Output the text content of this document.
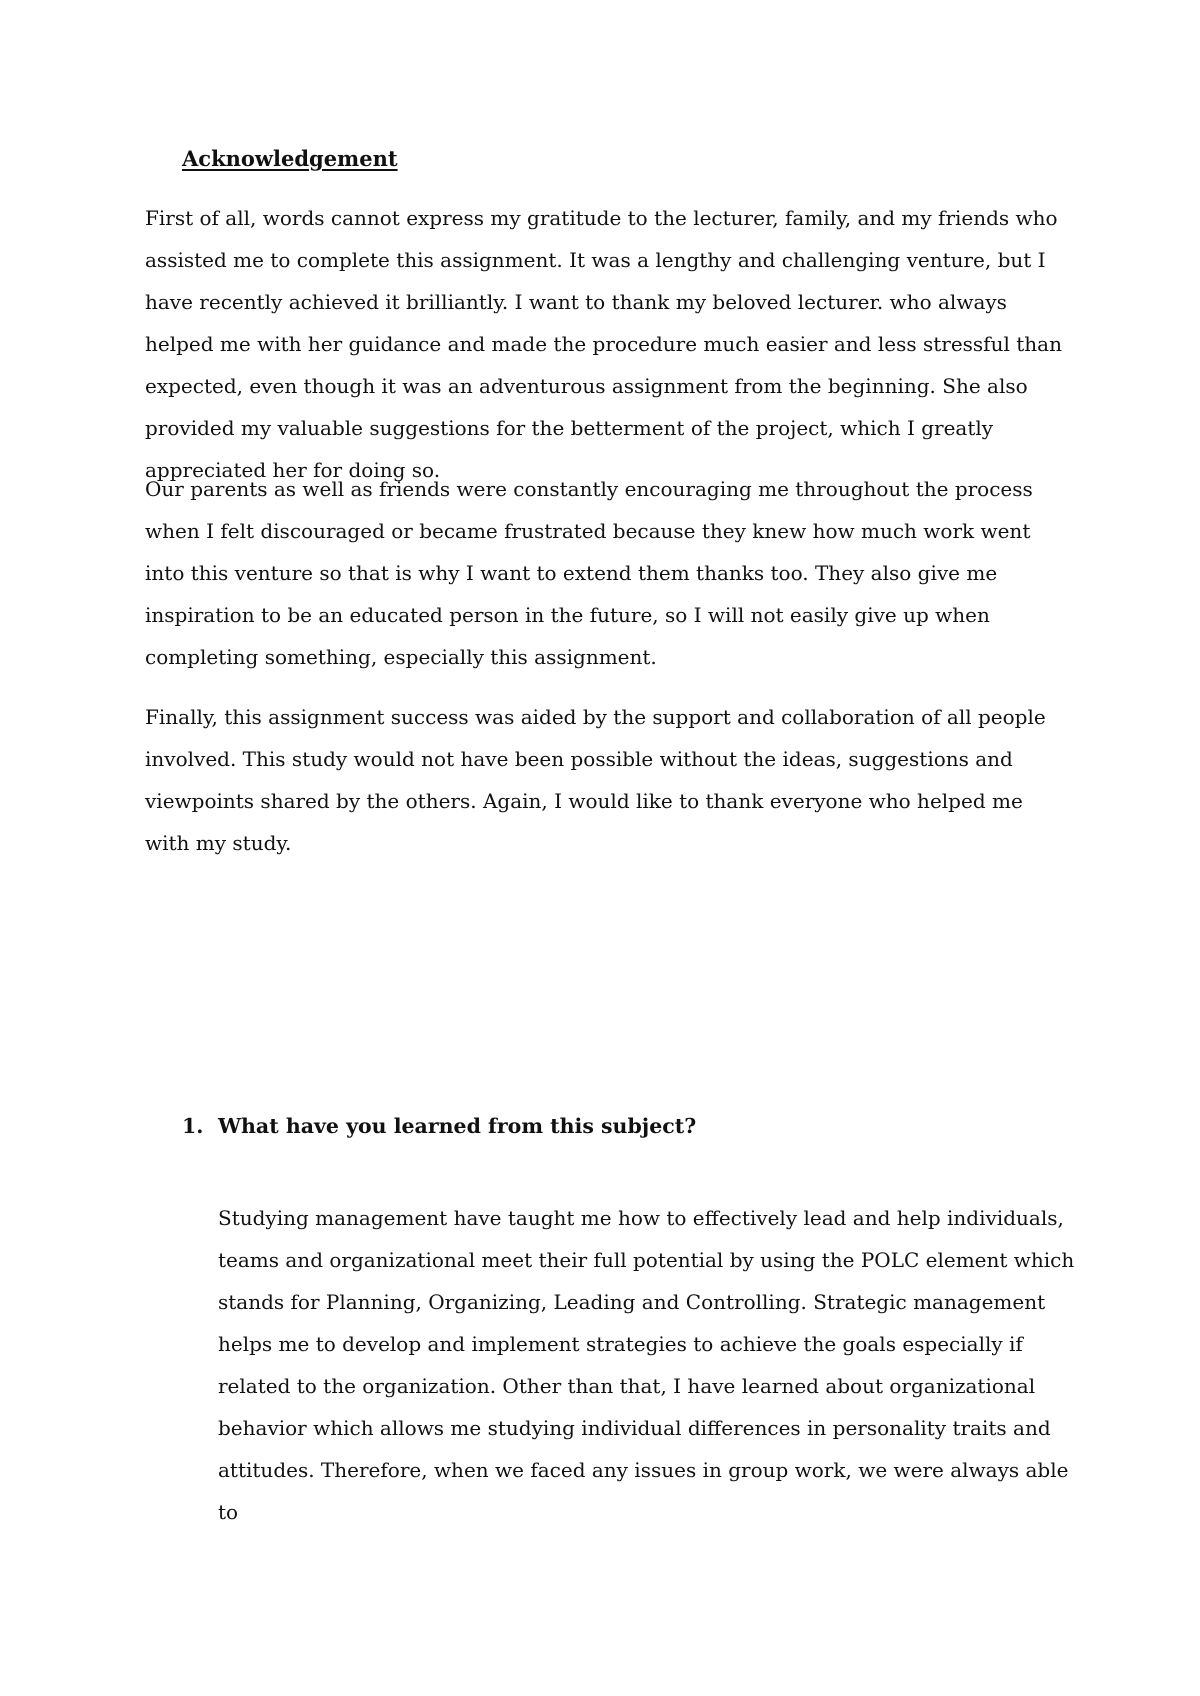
Acknowledgement

First of all, words cannot express my gratitude to the lecturer, family, and my friends who assisted me to complete this assignment. It was a lengthy and challenging venture, but I have recently achieved it brilliantly. I want to thank my beloved lecturer. who always helped me with her guidance and made the procedure much easier and less stressful than expected, even though it was an adventurous assignment from the beginning. She also provided my valuable suggestions for the betterment of the project, which I greatly appreciated her for doing so.

Our parents as well as friends were constantly encouraging me throughout the process when I felt discouraged or became frustrated because they knew how much work went into this venture so that is why I want to extend them thanks too. They also give me inspiration to be an educated person in the future, so I will not easily give up when completing something, especially this assignment.

Finally, this assignment success was aided by the support and collaboration of all people involved. This study would not have been possible without the ideas, suggestions and viewpoints shared by the others. Again, I would like to thank everyone who helped me with my study.

1. What have you learned from this subject?

Studying management have taught me how to effectively lead and help individuals, teams and organizational meet their full potential by using the POLC element which stands for Planning, Organizing, Leading and Controlling. Strategic management helps me to develop and implement strategies to achieve the goals especially if related to the organization. Other than that, I have learned about organizational behavior which allows me studying individual differences in personality traits and attitudes. Therefore, when we faced any issues in group work, we were always able to
